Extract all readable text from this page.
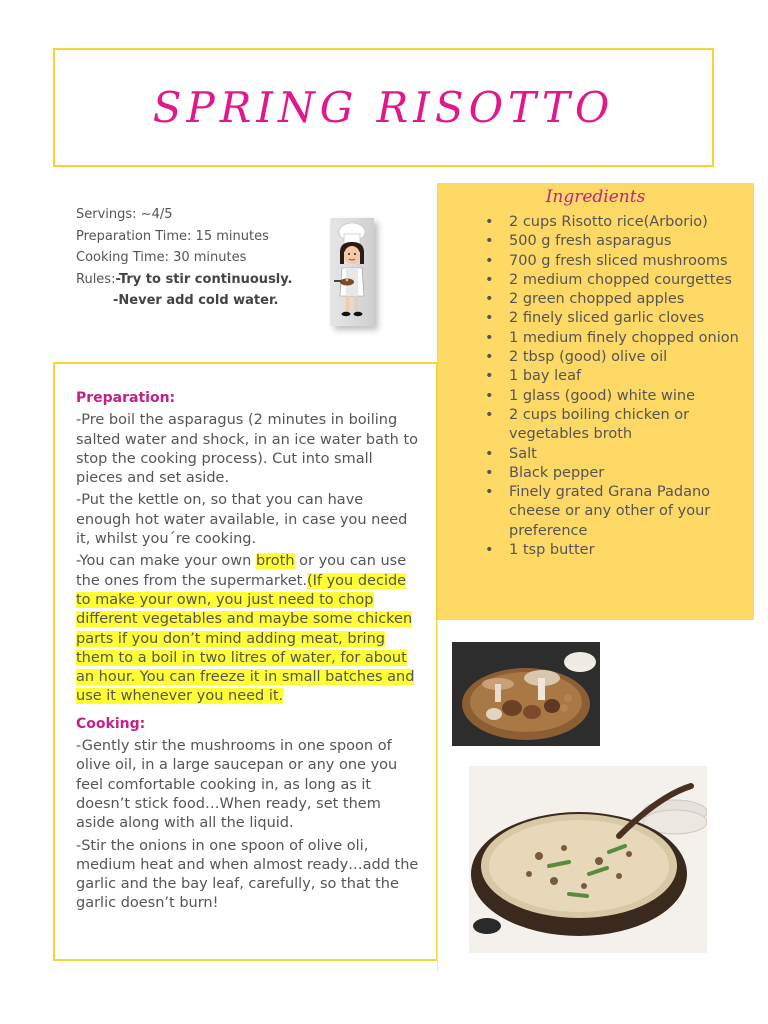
SPRING RISOTTO
Servings: ~4/5
Preparation Time: 15 minutes
Cooking Time: 30 minutes
Rules:-Try to stir continuously.
-Never add cold water.
Ingredients
• 2 cups Risotto rice(Arborio)
• 500 g fresh asparagus
• 700 g fresh sliced mushrooms
• 2 medium chopped courgettes
• 2 green chopped apples
• 2 finely sliced garlic cloves
• 1 medium finely chopped onion
• 2 tbsp (good) olive oil
• 1 bay leaf
• 1 glass (good) white wine
• 2 cups boiling chicken or vegetables broth
• Salt
• Black pepper
• Finely grated Grana Padano cheese or any other of your preference
• 1 tsp butter
Preparation:

-Pre boil the asparagus (2 minutes in boiling salted water and shock, in an ice water bath to stop the cooking process). Cut into small pieces and set aside.

-Put the kettle on, so that you can have enough hot water available, in case you need it, whilst you´re cooking.

-You can make your own broth or you can use the ones from the supermarket.(If you decide to make your own, you just need to chop different vegetables and maybe some chicken parts if you don’t mind adding meat, bring them to a boil in two litres of water, for about an hour. You can freeze it in small batches and use it whenever you need it.

Cooking:

-Gently stir the mushrooms in one spoon of olive oil, in a large saucepan or any one you feel comfortable cooking in, as long as it doesn’t stick food…When ready, set them aside along with all the liquid.

-Stir the onions in one spoon of olive oli, medium heat and when almost ready…add the garlic and the bay leaf, carefully, so that the garlic doesn’t burn!
